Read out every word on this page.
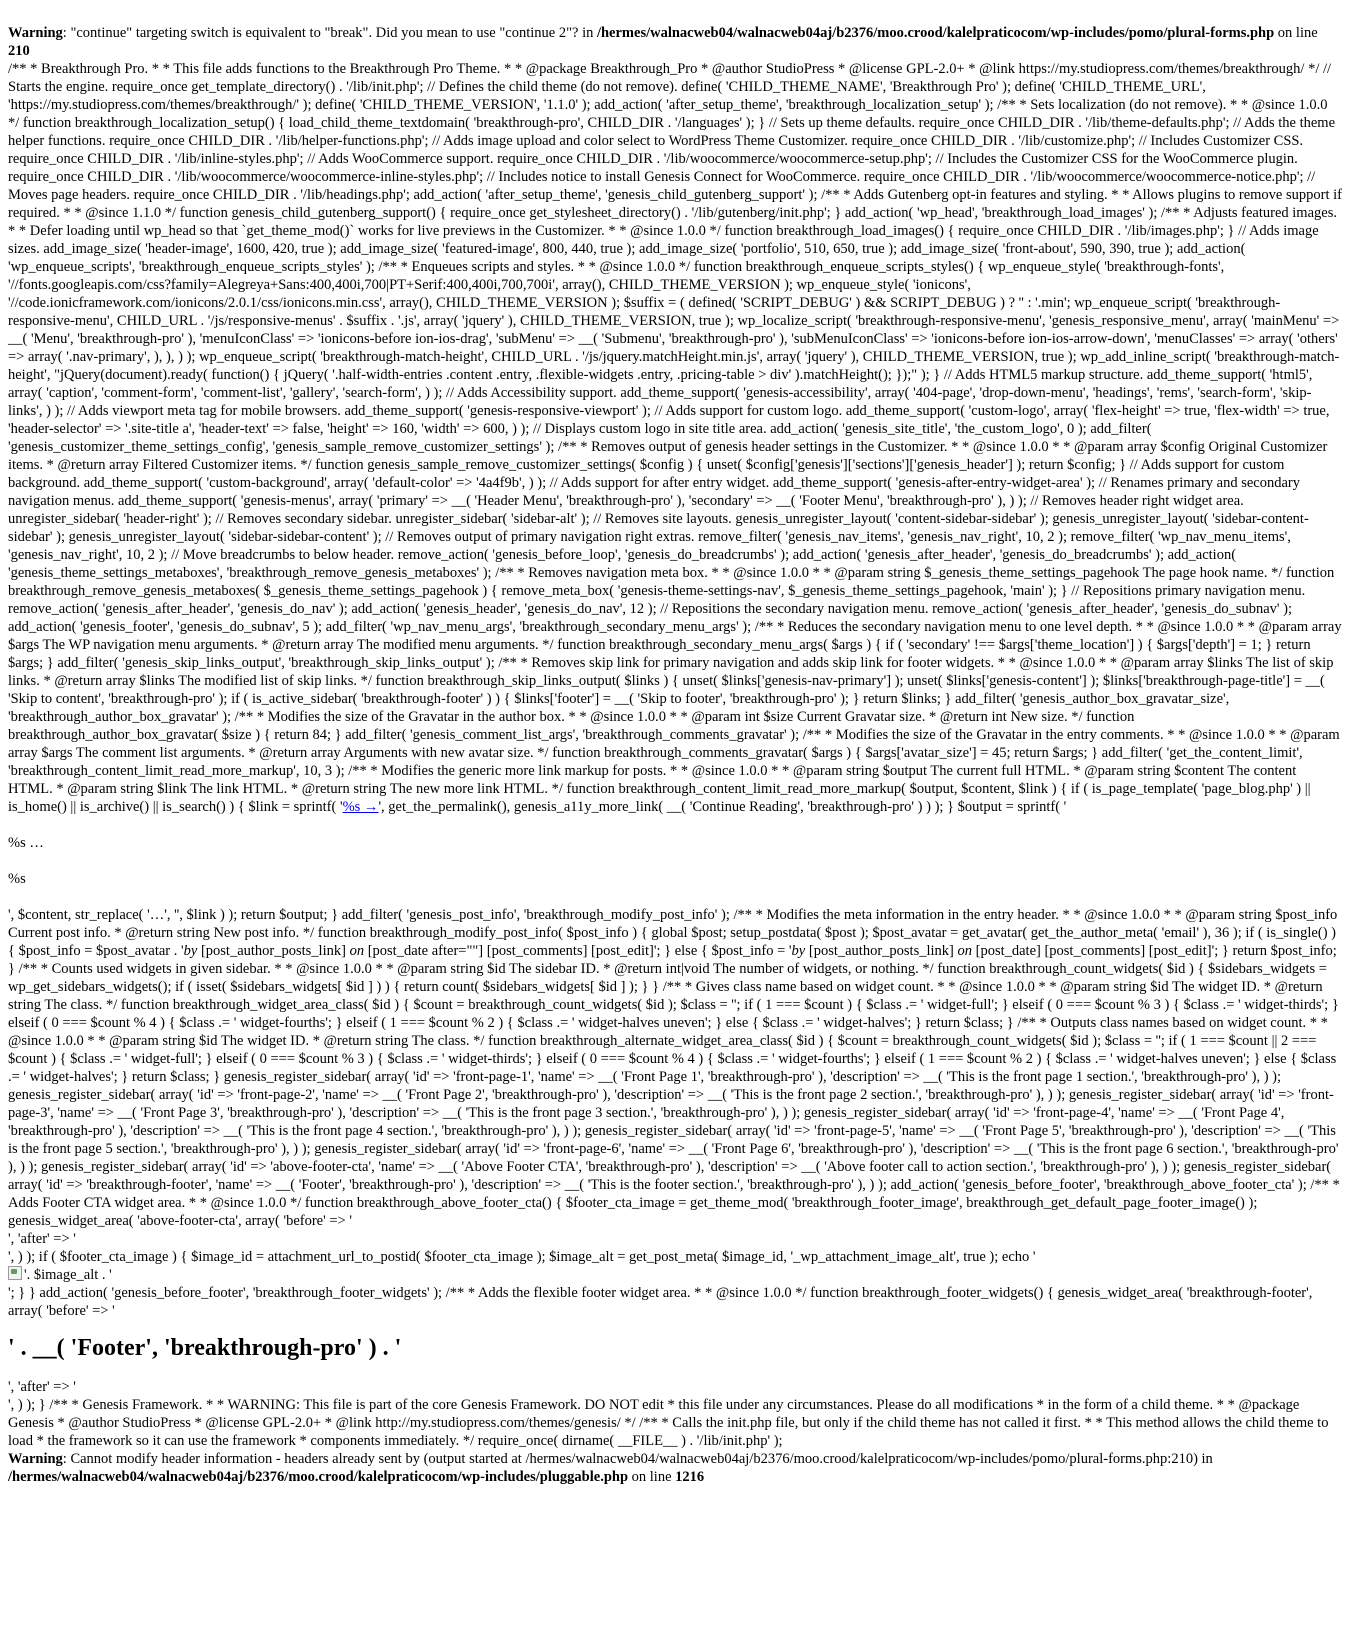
Warning: "continue" targeting switch is equivalent to "break". Did you mean to use "continue 2"? in /hermes/walnacweb04/walnacweb04aj/b2376/moo.crood/kalelpraticocom/wp-includes/pomo/plural-forms.php on line 210

/** * Breakthrough Pro. * * This file adds functions to the Breakthrough Pro Theme. * * @package Breakthrough_Pro * @author StudioPress * @license GPL-2.0+ * @link https://my.studiopress.com/themes/breakthrough/ */ // Starts the engine. require_once get_template_directory() . '/lib/init.php'; // Defines the child theme (do not remove). define( 'CHILD_THEME_NAME', 'Breakthrough Pro' ); define( 'CHILD_THEME_URL', 'https://my.studiopress.com/themes/breakthrough/' ); define( 'CHILD_THEME_VERSION', '1.1.0' ); add_action( 'after_setup_theme', 'breakthrough_localization_setup' ); /** * Sets localization (do not remove). * * @since 1.0.0 */ function breakthrough_localization_setup() { load_child_theme_textdomain( 'breakthrough-pro', CHILD_DIR . '/languages' ); } // Sets up theme defaults. require_once CHILD_DIR . '/lib/theme-defaults.php'; // Adds the theme helper functions. require_once CHILD_DIR . '/lib/helper-functions.php'; // Adds image upload and color select to WordPress Theme Customizer. require_once CHILD_DIR . '/lib/customize.php'; // Includes Customizer CSS. require_once CHILD_DIR . '/lib/inline-styles.php'; // Adds WooCommerce support. require_once CHILD_DIR . '/lib/woocommerce/woocommerce-setup.php'; // Includes the Customizer CSS for the WooCommerce plugin. require_once CHILD_DIR . '/lib/woocommerce/woocommerce-inline-styles.php'; // Includes notice to install Genesis Connect for WooCommerce. require_once CHILD_DIR . '/lib/woocommerce/woocommerce-notice.php'; // Moves page headers. require_once CHILD_DIR . '/lib/headings.php'; add_action( 'after_setup_theme', 'genesis_child_gutenberg_support' ); /** * Adds Gutenberg opt-in features and styling. * * Allows plugins to remove support if required. * * @since 1.1.0 */ function genesis_child_gutenberg_support() { require_once get_stylesheet_directory() . '/lib/gutenberg/init.php'; } add_action( 'wp_head', 'breakthrough_load_images' ); /** * Adjusts featured images. * * Defer loading until wp_head so that `get_theme_mod()` works for live previews in the Customizer. * * @since 1.0.0 */ function breakthrough_load_images() { require_once CHILD_DIR . '/lib/images.php'; } // Adds image sizes. add_image_size( 'header-image', 1600, 420, true ); add_image_size( 'featured-image', 800, 440, true ); add_image_size( 'portfolio', 510, 650, true ); add_image_size( 'front-about', 590, 390, true ); add_action( 'wp_enqueue_scripts', 'breakthrough_enqueue_scripts_styles' ); /** * Enqueues scripts and styles. * * @since 1.0.0 */ function breakthrough_enqueue_scripts_styles() { wp_enqueue_style( 'breakthrough-fonts', '//fonts.googleapis.com/css?family=Alegreya+Sans:400,400i,700|PT+Serif:400,400i,700,700i', array(), CHILD_THEME_VERSION ); wp_enqueue_style( 'ionicons', '//code.ionicframework.com/ionicons/2.0.1/css/ionicons.min.css', array(), CHILD_THEME_VERSION ); $suffix = ( defined( 'SCRIPT_DEBUG' ) && SCRIPT_DEBUG ) ? '' : '.min'; wp_enqueue_script( 'breakthrough-responsive-menu', CHILD_URL . '/js/responsive-menus' . $suffix . '.js', array( 'jquery' ), CHILD_THEME_VERSION, true ); wp_localize_script( 'breakthrough-responsive-menu', 'genesis_responsive_menu', array( 'mainMenu' => __( 'Menu', 'breakthrough-pro' ), 'menuIconClass' => 'ionicons-before ion-ios-drag', 'subMenu' => __( 'Submenu', 'breakthrough-pro' ), 'subMenuIconClass' => 'ionicons-before ion-ios-arrow-down', 'menuClasses' => array( 'others' => array( '.nav-primary', ), ), ) ); wp_enqueue_script( 'breakthrough-match-height', CHILD_URL . '/js/jquery.matchHeight.min.js', array( 'jquery' ), CHILD_THEME_VERSION, true ); wp_add_inline_script( 'breakthrough-match-height', "jQuery(document).ready( function() { jQuery( '.half-width-entries .content .entry, .flexible-widgets .entry, .pricing-table > div' ).matchHeight(); });" ); } // Adds HTML5 markup structure. add_theme_support( 'html5', array( 'caption', 'comment-form', 'comment-list', 'gallery', 'search-form', ) ); // Adds Accessibility support. add_theme_support( 'genesis-accessibility', array( '404-page', 'drop-down-menu', 'headings', 'rems', 'search-form', 'skip-links', ) ); // Adds viewport meta tag for mobile browsers. add_theme_support( 'genesis-responsive-viewport' ); // Adds support for custom logo. add_theme_support( 'custom-logo', array( 'flex-height' => true, 'flex-width' => true, 'header-selector' => '.site-title a', 'header-text' => false, 'height' => 160, 'width' => 600, ) ); // Displays custom logo in site title area. add_action( 'genesis_site_title', 'the_custom_logo', 0 ); add_filter( 'genesis_customizer_theme_settings_config', 'genesis_sample_remove_customizer_settings' ); /** * Removes output of genesis header settings in the Customizer. * * @since 1.0.0 * * @param array $config Original Customizer items. * @return array Filtered Customizer items. */ function genesis_sample_remove_customizer_settings( $config ) { unset( $config['genesis']['sections']['genesis_header'] ); return $config; } // Adds support for custom background. add_theme_support( 'custom-background', array( 'default-color' => '4a4f9b', ) ); // Adds support for after entry widget. add_theme_support( 'genesis-after-entry-widget-area' ); // Renames primary and secondary navigation menus. add_theme_support( 'genesis-menus', array( 'primary' => __( 'Header Menu', 'breakthrough-pro' ), 'secondary' => __( 'Footer Menu', 'breakthrough-pro' ), ) ); // Removes header right widget area. unregister_sidebar( 'header-right' ); // Removes secondary sidebar. unregister_sidebar( 'sidebar-alt' ); // Removes site layouts. genesis_unregister_layout( 'content-sidebar-sidebar' ); genesis_unregister_layout( 'sidebar-content-sidebar' ); genesis_unregister_layout( 'sidebar-sidebar-content' ); // Removes output of primary navigation right extras. remove_filter( 'genesis_nav_items', 'genesis_nav_right', 10, 2 ); remove_filter( 'wp_nav_menu_items', 'genesis_nav_right', 10, 2 ); // Move breadcrumbs to below header. remove_action( 'genesis_before_loop', 'genesis_do_breadcrumbs' ); add_action( 'genesis_after_header', 'genesis_do_breadcrumbs' ); add_action( 'genesis_theme_settings_metaboxes', 'breakthrough_remove_genesis_metaboxes' ); /** * Removes navigation meta box. * * @since 1.0.0 * * @param string $_genesis_theme_settings_pagehook The page hook name. */ function breakthrough_remove_genesis_metaboxes( $_genesis_theme_settings_pagehook ) { remove_meta_box( 'genesis-theme-settings-nav', $_genesis_theme_settings_pagehook, 'main' ); } // Repositions primary navigation menu. remove_action( 'genesis_after_header', 'genesis_do_nav' ); add_action( 'genesis_header', 'genesis_do_nav', 12 ); // Repositions the secondary navigation menu. remove_action( 'genesis_after_header', 'genesis_do_subnav' ); add_action( 'genesis_footer', 'genesis_do_subnav', 5 ); add_filter( 'wp_nav_menu_args', 'breakthrough_secondary_menu_args' ); /** * Reduces the secondary navigation menu to one level depth. * * @since 1.0.0 * * @param array $args The WP navigation menu arguments. * @return array The modified menu arguments. */ function breakthrough_secondary_menu_args( $args ) { if ( 'secondary' !== $args['theme_location'] ) { $args['depth'] = 1; } return $args; } add_filter( 'genesis_skip_links_output', 'breakthrough_skip_links_output' ); /** * Removes skip link for primary navigation and adds skip link for footer widgets. * * @since 1.0.0 * * @param array $links The list of skip links. * @return array $links The modified list of skip links. */ function breakthrough_skip_links_output( $links ) { unset( $links['genesis-nav-primary'] ); unset( $links['genesis-content'] ); $links['breakthrough-page-title'] = __( 'Skip to content', 'breakthrough-pro' ); if ( is_active_sidebar( 'breakthrough-footer' ) ) { $links['footer'] = __( 'Skip to footer', 'breakthrough-pro' ); } return $links; } add_filter( 'genesis_author_box_gravatar_size', 'breakthrough_author_box_gravatar' ); /** * Modifies the size of the Gravatar in the author box. * * @since 1.0.0 * * @param int $size Current Gravatar size. * @return int New size. */ function breakthrough_author_box_gravatar( $size ) { return 84; } add_filter( 'genesis_comment_list_args', 'breakthrough_comments_gravatar' ); /** * Modifies the size of the Gravatar in the entry comments. * * @since 1.0.0 * * @param array $args The comment list arguments. * @return array Arguments with new avatar size. */ function breakthrough_comments_gravatar( $args ) { $args['avatar_size'] = 45; return $args; } add_filter( 'get_the_content_limit', 'breakthrough_content_limit_read_more_markup', 10, 3 ); /** * Modifies the generic more link markup for posts. * * @since 1.0.0 * * @param string $output The current full HTML. * @param string $content The content HTML. * @param string $link The link HTML. * @return string The new more link HTML. */ function breakthrough_content_limit_read_more_markup( $output, $content, $link ) { if ( is_page_template( 'page_blog.php' ) || is_home() || is_archive() || is_search() ) { $link = sprintf( '%s →', get_the_permalink(), genesis_a11y_more_link( __( 'Continue Reading', 'breakthrough-pro' ) ) ); } $output = sprintf( '

%s …

%s

', $content, str_replace( '…', '', $link ) ); return $output; } add_filter( 'genesis_post_info', 'breakthrough_modify_post_info' ); /** * Modifies the meta information in the entry header. * * @since 1.0.0 * * @param string $post_info Current post info. * @return string New post info. */ function breakthrough_modify_post_info( $post_info ) { global $post; setup_postdata( $post ); $post_avatar = get_avatar( get_the_author_meta( 'email' ), 36 ); if ( is_single() ) { $post_info = $post_avatar . 'by [post_author_posts_link] on [post_date after=""] [post_comments] [post_edit]'; } else { $post_info = 'by [post_author_posts_link] on [post_date] [post_comments] [post_edit]'; } return $post_info; } /** * Counts used widgets in given sidebar. * * @since 1.0.0 * * @param string $id The sidebar ID. * @return int|void The number of widgets, or nothing. */ function breakthrough_count_widgets( $id ) { $sidebars_widgets = wp_get_sidebars_widgets(); if ( isset( $sidebars_widgets[ $id ] ) ) { return count( $sidebars_widgets[ $id ] ); } } /** * Gives class name based on widget count. * * @since 1.0.0 * * @param string $id The widget ID. * @return string The class. */ function breakthrough_widget_area_class( $id ) { $count = breakthrough_count_widgets( $id ); $class = ''; if ( 1 === $count ) { $class .= ' widget-full'; } elseif ( 0 === $count % 3 ) { $class .= ' widget-thirds'; } elseif ( 0 === $count % 4 ) { $class .= ' widget-fourths'; } elseif ( 1 === $count % 2 ) { $class .= ' widget-halves uneven'; } else { $class .= ' widget-halves'; } return $class; } /** * Outputs class names based on widget count. * * @since 1.0.0 * * @param string $id The widget ID. * @return string The class. */ function breakthrough_alternate_widget_area_class( $id ) { $count = breakthrough_count_widgets( $id ); $class = ''; if ( 1 === $count || 2 === $count ) { $class .= ' widget-full'; } elseif ( 0 === $count % 3 ) { $class .= ' widget-thirds'; } elseif ( 0 === $count % 4 ) { $class .= ' widget-fourths'; } elseif ( 1 === $count % 2 ) { $class .= ' widget-halves uneven'; } else { $class .= ' widget-halves'; } return $class; } genesis_register_sidebar( array( 'id' => 'front-page-1', 'name' => __( 'Front Page 1', 'breakthrough-pro' ), 'description' => __( 'This is the front page 1 section.', 'breakthrough-pro' ), ) ); genesis_register_sidebar( array( 'id' => 'front-page-2', 'name' => __( 'Front Page 2', 'breakthrough-pro' ), 'description' => __( 'This is the front page 2 section.', 'breakthrough-pro' ), ) ); genesis_register_sidebar( array( 'id' => 'front-page-3', 'name' => __( 'Front Page 3', 'breakthrough-pro' ), 'description' => __( 'This is the front page 3 section.', 'breakthrough-pro' ), ) ); genesis_register_sidebar( array( 'id' => 'front-page-4', 'name' => __( 'Front Page 4', 'breakthrough-pro' ), 'description' => __( 'This is the front page 4 section.', 'breakthrough-pro' ), ) ); genesis_register_sidebar( array( 'id' => 'front-page-5', 'name' => __( 'Front Page 5', 'breakthrough-pro' ), 'description' => __( 'This is the front page 5 section.', 'breakthrough-pro' ), ) ); genesis_register_sidebar( array( 'id' => 'front-page-6', 'name' => __( 'Front Page 6', 'breakthrough-pro' ), 'description' => __( 'This is the front page 6 section.', 'breakthrough-pro' ), ) ); genesis_register_sidebar( array( 'id' => 'above-footer-cta', 'name' => __( 'Above Footer CTA', 'breakthrough-pro' ), 'description' => __( 'Above footer call to action section.', 'breakthrough-pro' ), ) ); genesis_register_sidebar( array( 'id' => 'breakthrough-footer', 'name' => __( 'Footer', 'breakthrough-pro' ), 'description' => __( 'This is the footer section.', 'breakthrough-pro' ), ) ); add_action( 'genesis_before_footer', 'breakthrough_above_footer_cta' ); /** * Adds Footer CTA widget area. * * @since 1.0.0 */ function breakthrough_above_footer_cta() { $footer_cta_image = get_theme_mod( 'breakthrough_footer_image', breakthrough_get_default_page_footer_image() ); genesis_widget_area( 'above-footer-cta', array( 'before' => '

', 'after' => '

', ) ); if ( $footer_cta_image ) { $image_id = attachment_url_to_postid( $footer_cta_image ); $image_alt = get_post_meta( $image_id, '_wp_attachment_image_alt', true ); echo '

'. $image_alt . '

'; } } add_action( 'genesis_before_footer', 'breakthrough_footer_widgets' ); /** * Adds the flexible footer widget area. * * @since 1.0.0 */ function breakthrough_footer_widgets() { genesis_widget_area( 'breakthrough-footer', array( 'before' => '

' . __( 'Footer', 'breakthrough-pro' ) . '

', 'after' => '

', ) ); } /** * Genesis Framework. * * WARNING: This file is part of the core Genesis Framework. DO NOT edit * this file under any circumstances. Please do all modifications * in the form of a child theme. * * @package Genesis * @author StudioPress * @license GPL-2.0+ * @link http://my.studiopress.com/themes/genesis/ */ /** * Calls the init.php file, but only if the child theme has not called it first. * * This method allows the child theme to load * the framework so it can use the framework * components immediately. */ require_once( dirname( __FILE__ ) . '/lib/init.php' );

Warning: Cannot modify header information - headers already sent by (output started at /hermes/walnacweb04/walnacweb04aj/b2376/moo.crood/kalelpraticocom/wp-includes/pomo/plural-forms.php:210) in /hermes/walnacweb04/walnacweb04aj/b2376/moo.crood/kalelpraticocom/wp-includes/pluggable.php on line 1216
